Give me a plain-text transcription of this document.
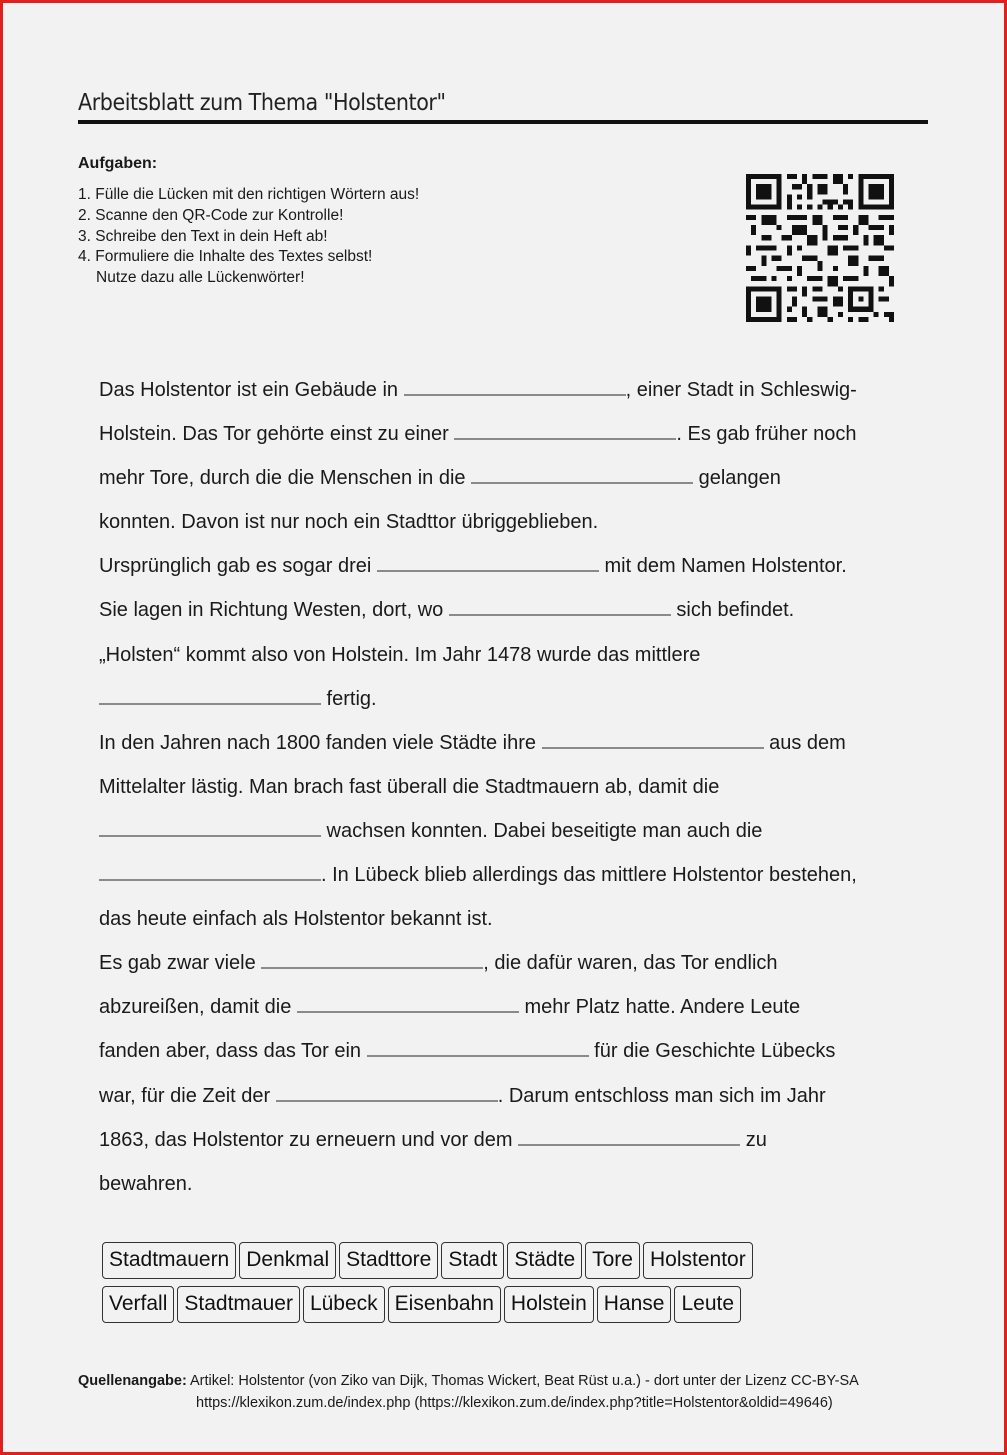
Arbeitsblatt zum Thema "Holstentor"
Aufgaben:
1. Fülle die Lücken mit den richtigen Wörtern aus!
2. Scanne den QR-Code zur Kontrolle!
3. Schreibe den Text in dein Heft ab!
4. Formuliere die Inhalte des Textes selbst!
Nutze dazu alle Lückenwörter!
Das Holstentor ist ein Gebäude in	, einer Stadt in Schleswig-
Holstein. Das Tor gehörte einst zu einer	. Es gab früher noch
mehr Tore, durch die die Menschen in die	gelangen
konnten. Davon ist nur noch ein Stadttor übriggeblieben.
Ursprünglich gab es sogar drei	mit dem Namen Holstentor.
Sie lagen in Richtung Westen, dort, wo	sich befindet.
„Holsten“ kommt also von Holstein. Im Jahr 1478 wurde das mittlere
fertig.
In den Jahren nach 1800 fanden viele Städte ihre	aus dem
Mittelalter lästig. Man brach fast überall die Stadtmauern ab, damit die
wachsen konnten. Dabei beseitigte man auch die
. In Lübeck blieb allerdings das mittlere Holstentor bestehen,
das heute einfach als Holstentor bekannt ist.
Es gab zwar viele	, die dafür waren, das Tor endlich
abzureißen, damit die	mehr Platz hatte. Andere Leute
fanden aber, dass das Tor ein	für die Geschichte Lübecks
war, für die Zeit der	. Darum entschloss man sich im Jahr
1863, das Holstentor zu erneuern und vor dem	zu
bewahren.
Stadtmauern Denkmal Stadttore Stadt Städte Tore Holstentor
Verfall Stadtmauer Lübeck Eisenbahn Holstein Hanse Leute
Quellenangabe: Artikel: Holstentor (von Ziko van Dijk, Thomas Wickert, Beat Rüst u.a.) - dort unter der Lizenz CC-BY-SA
https://klexikon.zum.de/index.php (https://klexikon.zum.de/index.php?title=Holstentor&oldid=49646)
